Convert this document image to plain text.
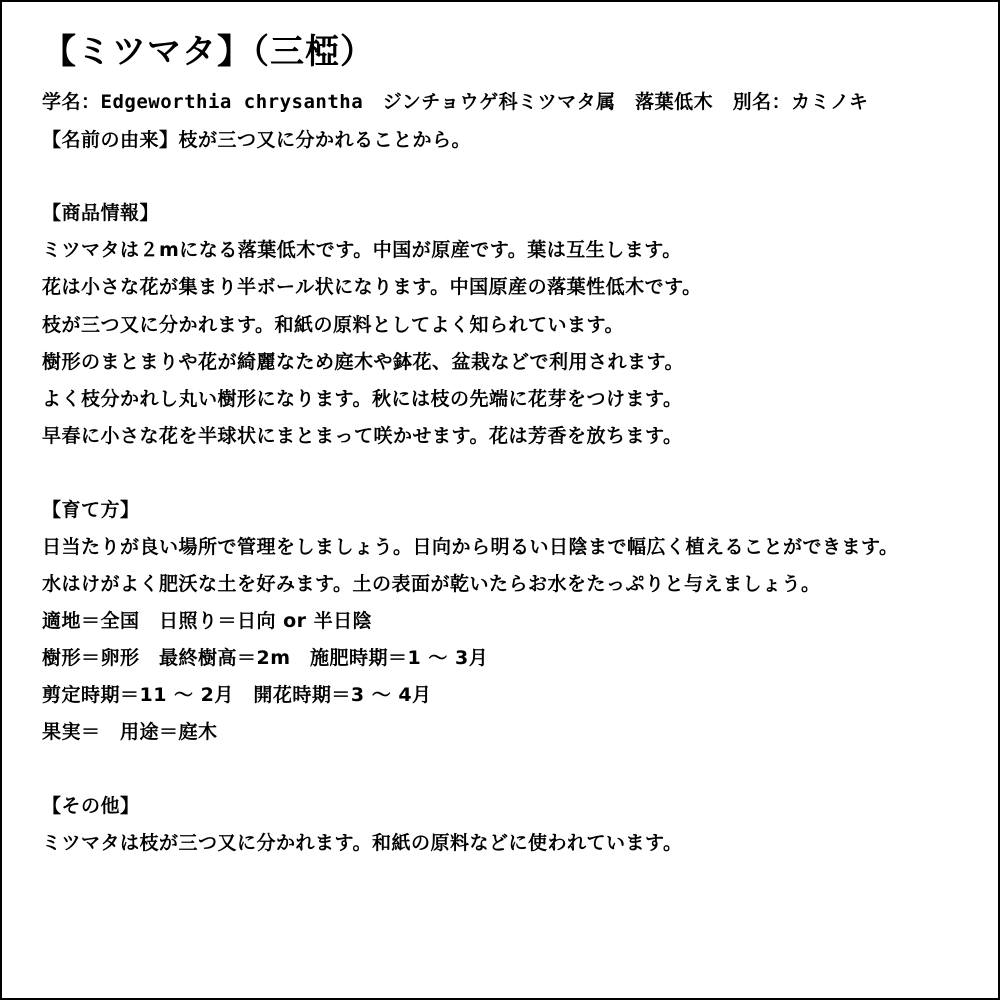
【ミツマタ】（三椏）
学名：Edgeworthia chrysantha　ジンチョウゲ科ミツマタ属　落葉低木　別名：カミノキ
【名前の由来】枝が三つ又に分かれることから。
【商品情報】
ミツマタは２mになる落葉低木です。中国が原産です。葉は互生します。
花は小さな花が集まり半ボール状になります。中国原産の落葉性低木です。
枝が三つ又に分かれます。和紙の原料としてよく知られています。
樹形のまとまりや花が綺麗なため庭木や鉢花、盆栽などで利用されます。
よく枝分かれし丸い樹形になります。秋には枝の先端に花芽をつけます。
早春に小さな花を半球状にまとまって咲かせます。花は芳香を放ちます。
【育て方】
日当たりが良い場所で管理をしましょう。日向から明るい日陰まで幅広く植えることができます。
水はけがよく肥沃な土を好みます。土の表面が乾いたらお水をたっぷりと与えましょう。
適地＝全国　日照り＝日向 or 半日陰
樹形＝卵形　最終樹高＝2m　施肥時期＝1 ～ 3月
剪定時期＝11 ～ 2月　開花時期＝3 ～ 4月
果実＝　用途＝庭木
【その他】
ミツマタは枝が三つ又に分かれます。和紙の原料などに使われています。
